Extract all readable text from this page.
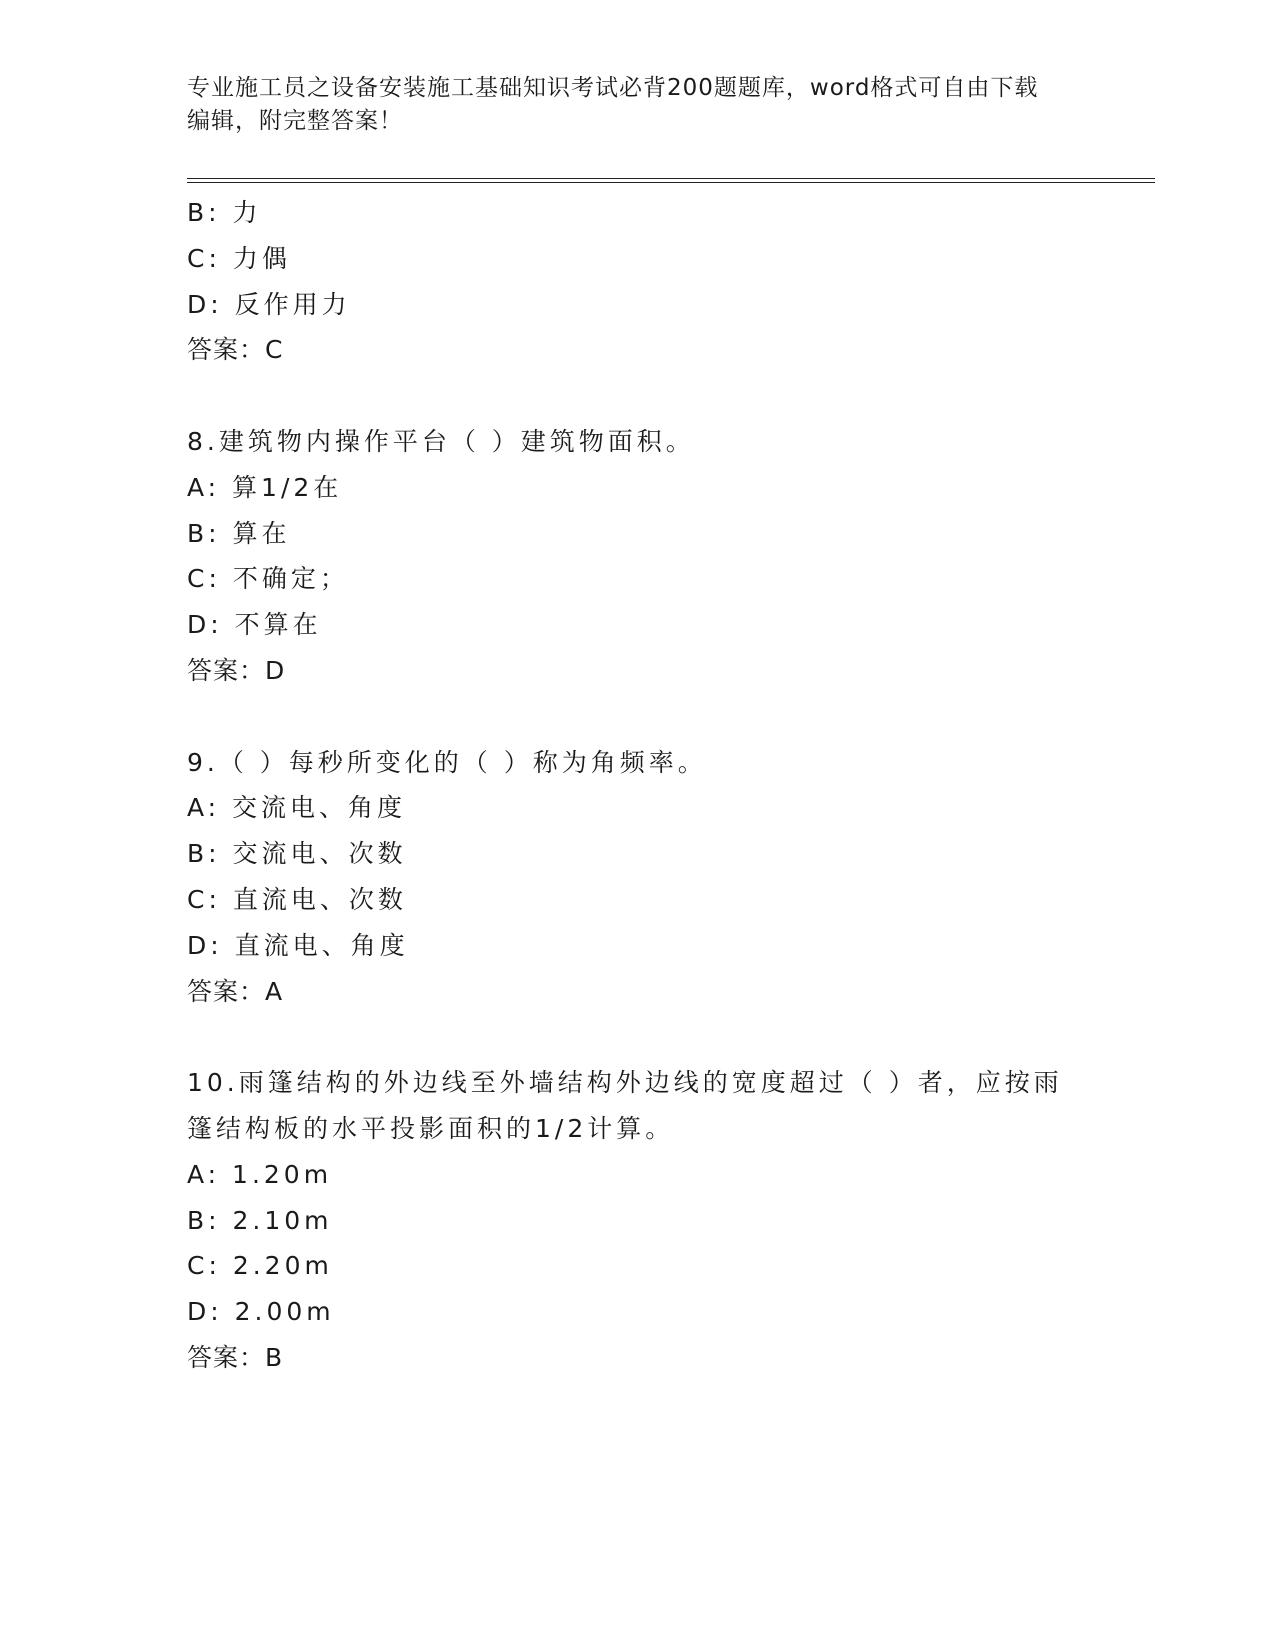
专业施工员之设备安装施工基础知识考试必背200题题库，word格式可自由下载
编辑，附完整答案！
B: 力
C: 力偶
D: 反作用力
答案：C
8.建筑物内操作平台（ ）建筑物面积。
A: 算1/2在
B: 算在
C: 不确定；
D: 不算在
答案：D
9.（ ）每秒所变化的（ ）称为角频率。
A: 交流电、角度
B: 交流电、次数
C: 直流电、次数
D: 直流电、角度
答案：A
10.雨篷结构的外边线至外墙结构外边线的宽度超过（ ）者，应按雨
篷结构板的水平投影面积的1/2计算。
A: 1.20m
B: 2.10m
C: 2.20m
D: 2.00m
答案：B
